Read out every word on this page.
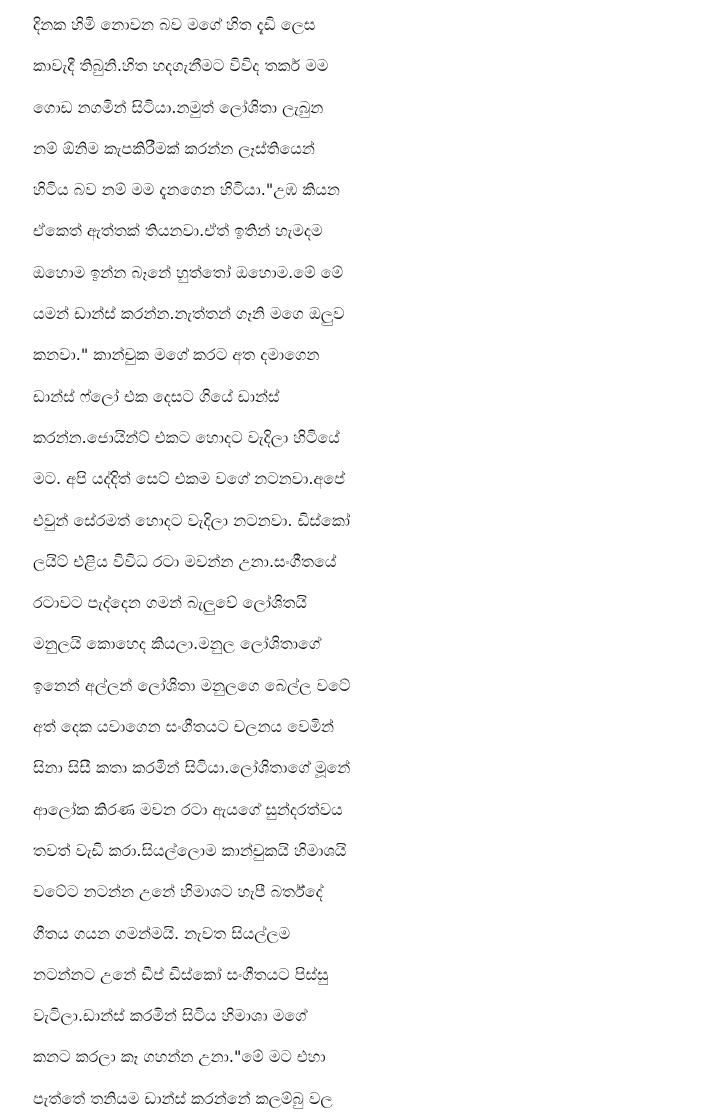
දිනක හිමි නොවන බව මගේ හිත දැඩි ලෙස
කාවැදී තිබුනි.හිත හදගැනීමට විවිද තර්ක මම
ගොඩ නගමින් සිටියා.නමුත් ලෝශිතා ලැබුන
නම් ඕනිම කැපකිරීමක් කරන්න ලෑස්තියෙන්
හිටිය බව නම් මම දැනගෙන හිටියා."උඹ කියන
ඒකෙත් ඇත්තක් තියනවා.ඒත් ඉතින් හැමදම
ඔහොම ඉන්න බෑනේ හුත්තෝ ඔහොම.මේ මේ
යමන් ඩාන්ස් කරන්න.නැත්තන් ගෑනි මගෙ ඔලුව
කනවා." කාන්චුක මගේ කරට අත දමාගෙන
ඩාන්ස් ෆ්ලෝ එක දෙසට ගියේ ඩාන්ස්
කරන්න.ජොයින්ට් එකට හොදට වැදිලා හිටියේ
මට. අපි යද්දිත් සෙට් එකම වගේ නටනවා.අපේ
එවුන් සේරමත් හොදට වැදිලා නටනවා. ඩිස්කෝ
ලයිට් එළිය විවිධ රටා මවන්න උනා.සංගීතයේ
රටාවට පැද්දෙන ගමන් බැලුවේ ලෝශිතයි
මනුලයි කොහෙද කියලා.මනුල ලෝශිතාගේ
ඉනෙන් අල්ලන් ලෝශිතා මනුලගෙ බෙල්ල වටේ
අත් දෙක යවාගෙන සංගීතයට චලනය වෙමින්
සිනා සිසී කතා කරමින් සිටියා.ලෝශිතාගේ මූනේ
ආලෝක කිරණ මවන රටා ඇයගේ සුන්දරත්වය
තවත් වැඩි කරා.සියල්ලොම කාන්චුකයි හිමාශයි
වටේට නටන්න උනේ හිමාශට හැපී බර්ත්දේ
ගීතය ගයන ගමන්මයි. නැවත සියල්ලම
නටන්නට උනේ ඩීප් ඩිස්කෝ සංගීතයට පිස්සු
වැටිලා.ඩාන්ස් කරමින් සිටිය හිමාශා මගේ
කනට කරලා කෑ ගහන්න උනා."මේ මට එහා
පැත්තේ තනියම ඩාන්ස් කරන්නේ කලම්බු වල
